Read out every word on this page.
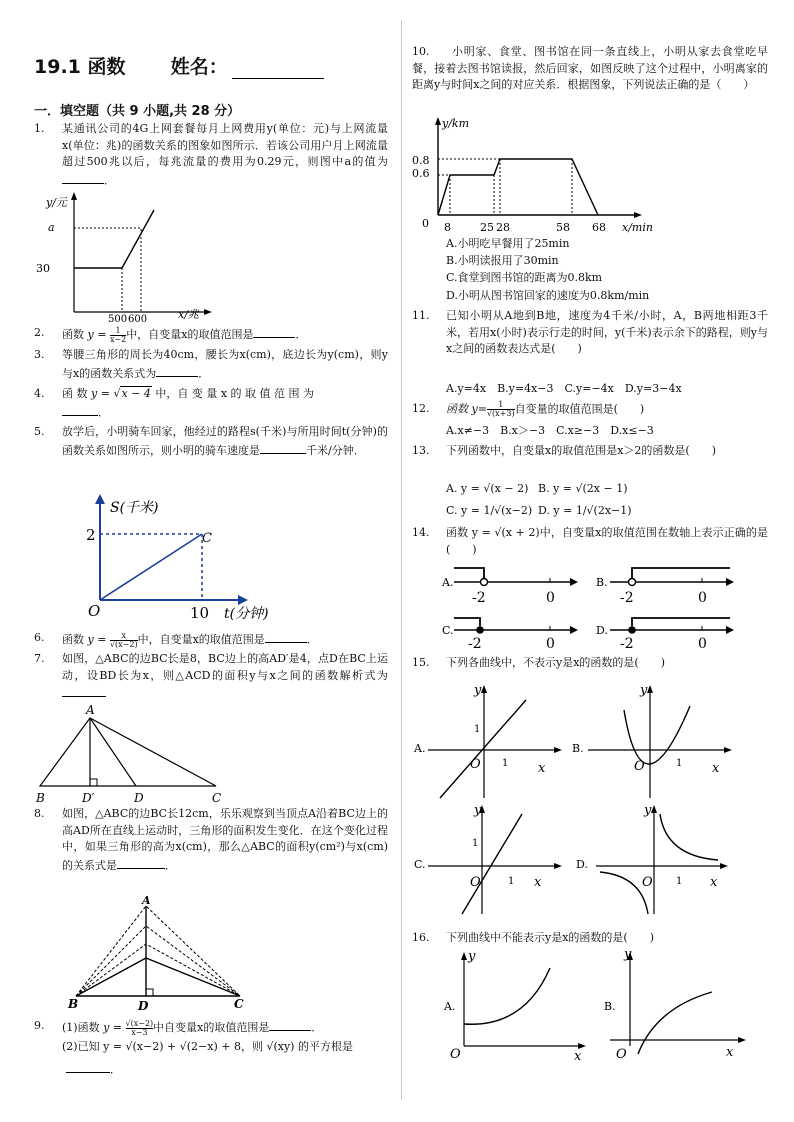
19.1 函数 姓名：
一．填空题（共 9 小题,共 28 分）
1. 某通讯公司的4G上网套餐每月上网费用y(单位：元)与上网流量x(单位：兆)的函数关系的图象如图所示．若该公司用户月上网流量超过500兆以后，每兆流量的费用为0.29元，则图中a的值为．
y/元
x/兆
a
30
500 600
2. 函数 $y = \frac{1}{x-2}$ 中，自变量x的取值范围是	．
3. 等腰三角形的周长为40cm，腰长为x(cm)，底边长为y(cm)，则y与x的函数关系式为	．
4. 函 数 y = √x − 4 中，自 变 量 x 的 取 值 范 围 为
．
5. 放学后，小明骑车回家，他经过的路程s(千米)与所用时间t(分钟)的函数关系如图所示，则小明的骑车速度是	千米/分钟．
S(千米)
t(分钟)
2
O	10
C
6. 函数 $y = \frac{x}{√(x-2)}$ 中，自变量x的取值范围是	．
7. 如图，△ABC的边BC长是8，BC边上的高AD′是4，点D在BC上运动，设BD长为x，则△ACD的面积y与x之间的函数解析式为
A
B	D′	D	C
8. 如图，△ABC的边BC长12cm，乐乐观察到当顶点A沿着BC边上的高AD所在直线上运动时，三角形的面积发生变化．在这个变化过程中，如果三角形的高为x(cm)，那么△ABC的面积y(cm²)与x(cm)的关系式是	．
A
B	D	C
9. (1)函数 $y = \frac{√(x-2)}{x-3}$ 中自变量x的取值范围是	．
(2)已知 y = √(x−2) + √(2−x) + 8，则 √(xy) 的平方根是
．
10.	小明家、食堂、图书馆在同一条直线上，小明从家去食堂吃早餐，接着去图书馆读报，然后回家，如图反映了这个过程中，小明离家的距离y与时间x之间的对应关系．根据图象，下列说法正确的是（　　）
y/km
x/min
0.8
0.6
0 8	25 28	58 68
A.小明吃早餐用了25min
B.小明读报用了30min
C.食堂到图书馆的距离为0.8km
D.小明从图书馆回家的速度为0.8km/min
11. 已知小明从A地到B地，速度为4千米/小时，A，B两地相距3千米，若用x(小时)表示行走的时间，y(千米)表示余下的路程，则y与x之间的函数表达式是(　　)
A.y=4x　B.y=4x−3　C.y=−4x　D.y=3−4x
12. 函数 $y= \frac{1}{√(x+3)}$ 自变量的取值范围是(　　)
A.x≠−3　B.x＞−3　C.x≥−3　D.x≤−3
13. 下列函数中，自变量x的取值范围是x＞2的函数是(　　)
A. y = √(x − 2) B. y = √(2x − 1)
C. y = 1/√(x−2) D. y = 1/√(2x−1)
14. 函数 y = √(x + 2)中，自变量x的取值范围在数轴上表示正确的是(　　)
A.
-2	0
B.
-2	0
C.
-2	0
D.
-2	0
15. 下列各曲线中，不表示y是x的函数的是(　　)
A.
y
x
O 1
1
B.
y
x
O	1
C.
y
x
O	1
1
D.
y
x
O 1
16. 下列曲线中不能表示y是x的函数的是(　　)
A.
y
x
O
B.
y
x
O
